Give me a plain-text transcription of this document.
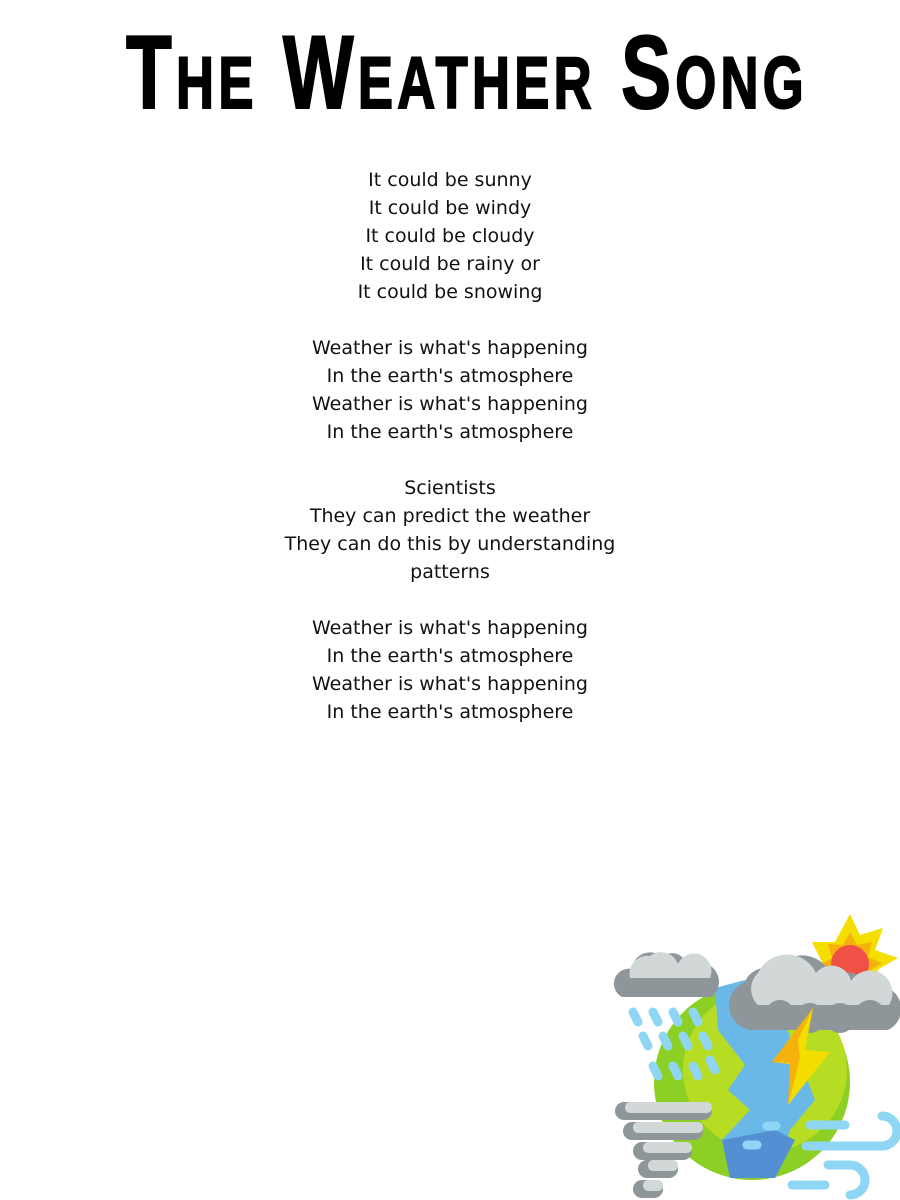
The Weather Song
It could be sunny
It could be windy
It could be cloudy
It could be rainy or
It could be snowing
Weather is what's happening
In the earth's atmosphere
Weather is what's happening
In the earth's atmosphere
Scientists
They can predict the weather
They can do this by understanding
patterns
Weather is what's happening
In the earth's atmosphere
Weather is what's happening
In the earth's atmosphere
